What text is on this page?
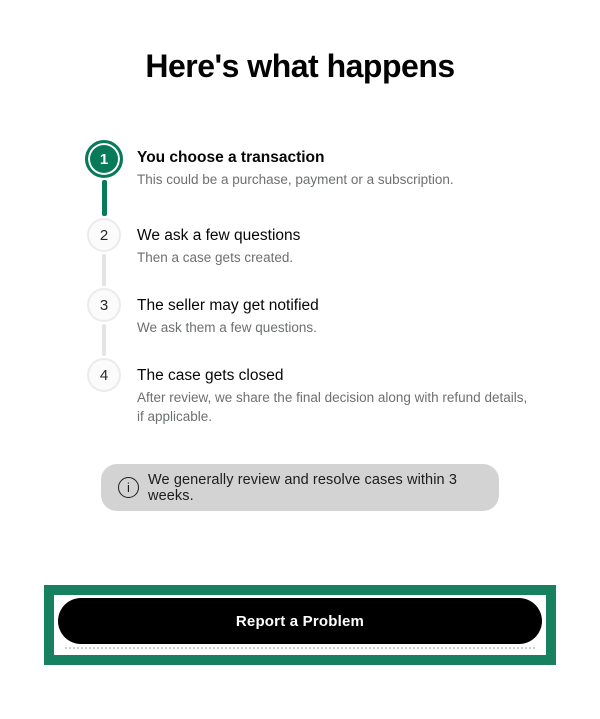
Here's what happens
1	You choose a transaction
This could be a purchase, payment or a subscription.
2	We ask a few questions
Then a case gets created.
3	The seller may get notified
We ask them a few questions.
4	The case gets closed
After review, we share the final decision along with refund details, if applicable.
i	We generally review and resolve cases within 3 weeks.
Report a Problem
